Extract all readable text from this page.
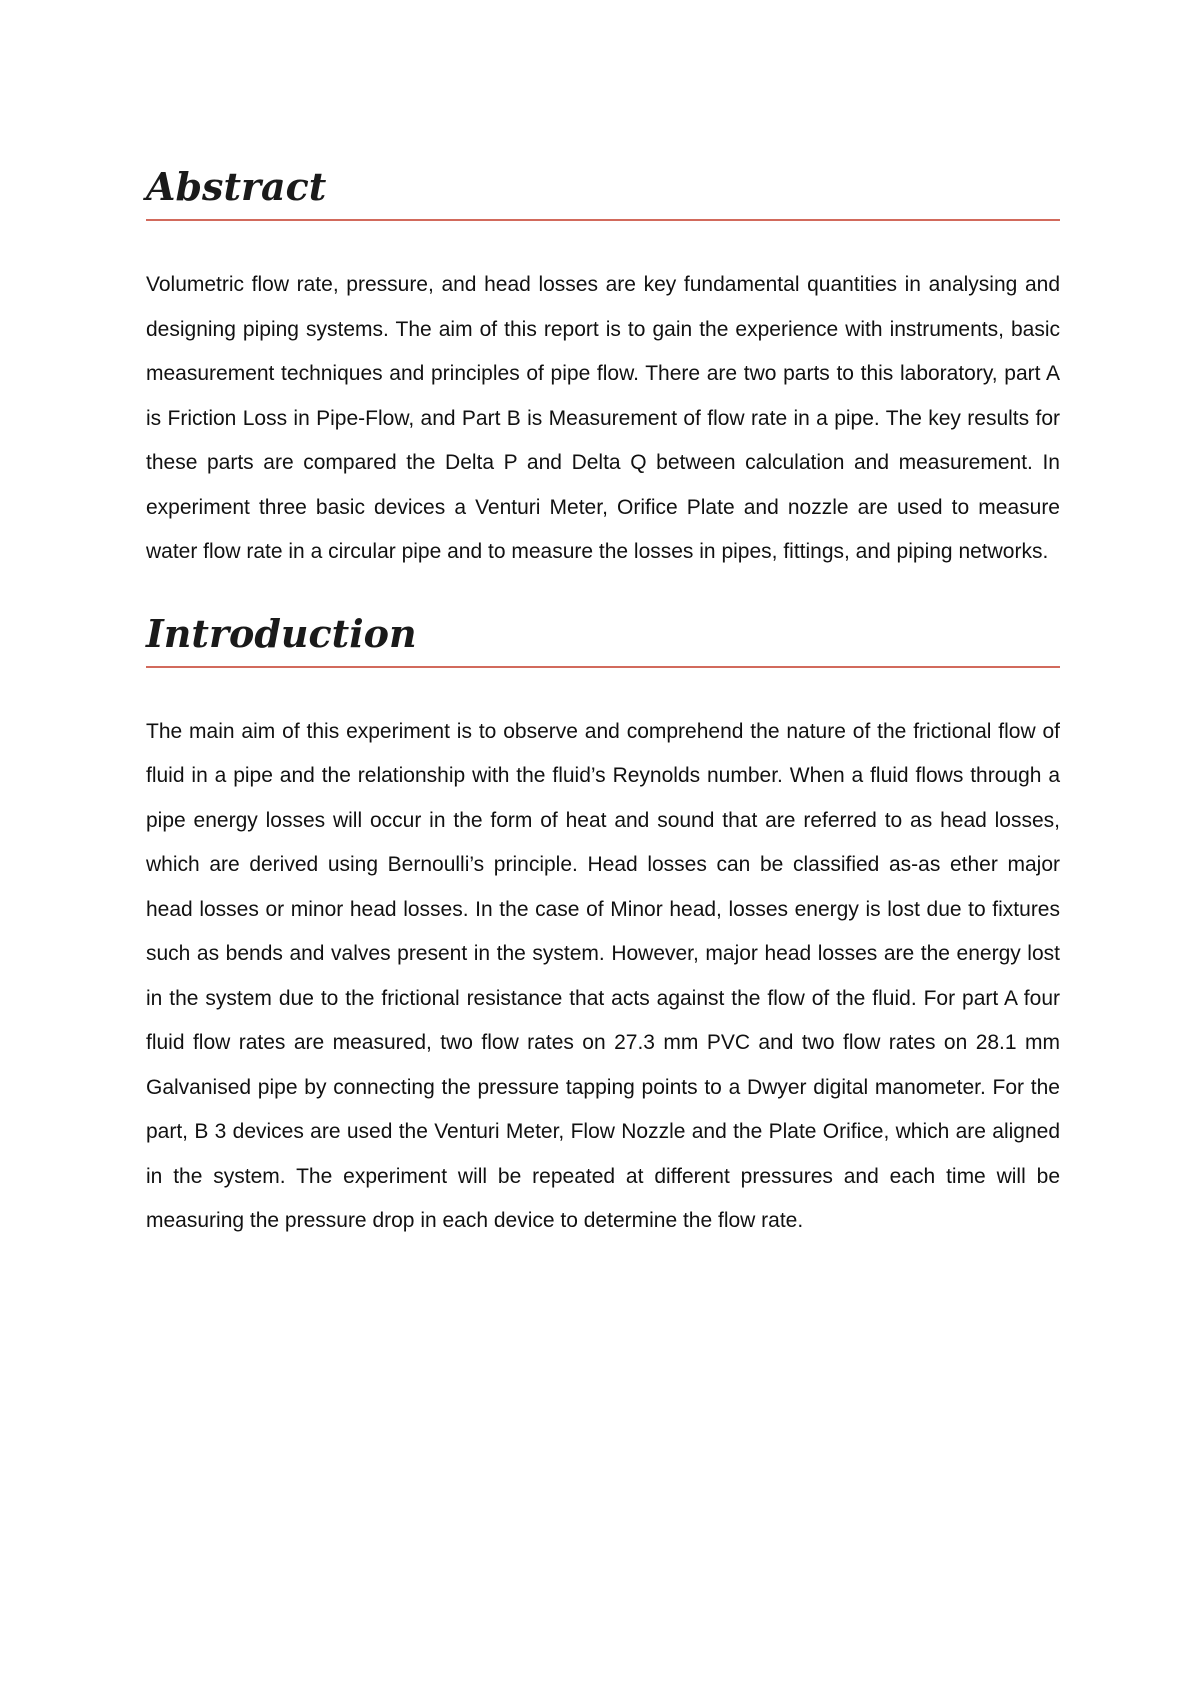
Abstract

Volumetric flow rate, pressure, and head losses are key fundamental quantities in analysing and designing piping systems. The aim of this report is to gain the experience with instruments, basic measurement techniques and principles of pipe flow. There are two parts to this laboratory, part A is Friction Loss in Pipe-Flow, and Part B is Measurement of flow rate in a pipe. The key results for these parts are compared the Delta P and Delta Q between calculation and measurement. In experiment three basic devices a Venturi Meter, Orifice Plate and nozzle are used to measure water flow rate in a circular pipe and to measure the losses in pipes, fittings, and piping networks.

Introduction

The main aim of this experiment is to observe and comprehend the nature of the frictional flow of fluid in a pipe and the relationship with the fluid’s Reynolds number. When a fluid flows through a pipe energy losses will occur in the form of heat and sound that are referred to as head losses, which are derived using Bernoulli’s principle. Head losses can be classified as-as ether major head losses or minor head losses. In the case of Minor head, losses energy is lost due to fixtures such as bends and valves present in the system. However, major head losses are the energy lost in the system due to the frictional resistance that acts against the flow of the fluid. For part A four fluid flow rates are measured, two flow rates on 27.3 mm PVC and two flow rates on 28.1 mm Galvanised pipe by connecting the pressure tapping points to a Dwyer digital manometer. For the part, B 3 devices are used the Venturi Meter, Flow Nozzle and the Plate Orifice, which are aligned in the system. The experiment will be repeated at different pressures and each time will be measuring the pressure drop in each device to determine the flow rate.
